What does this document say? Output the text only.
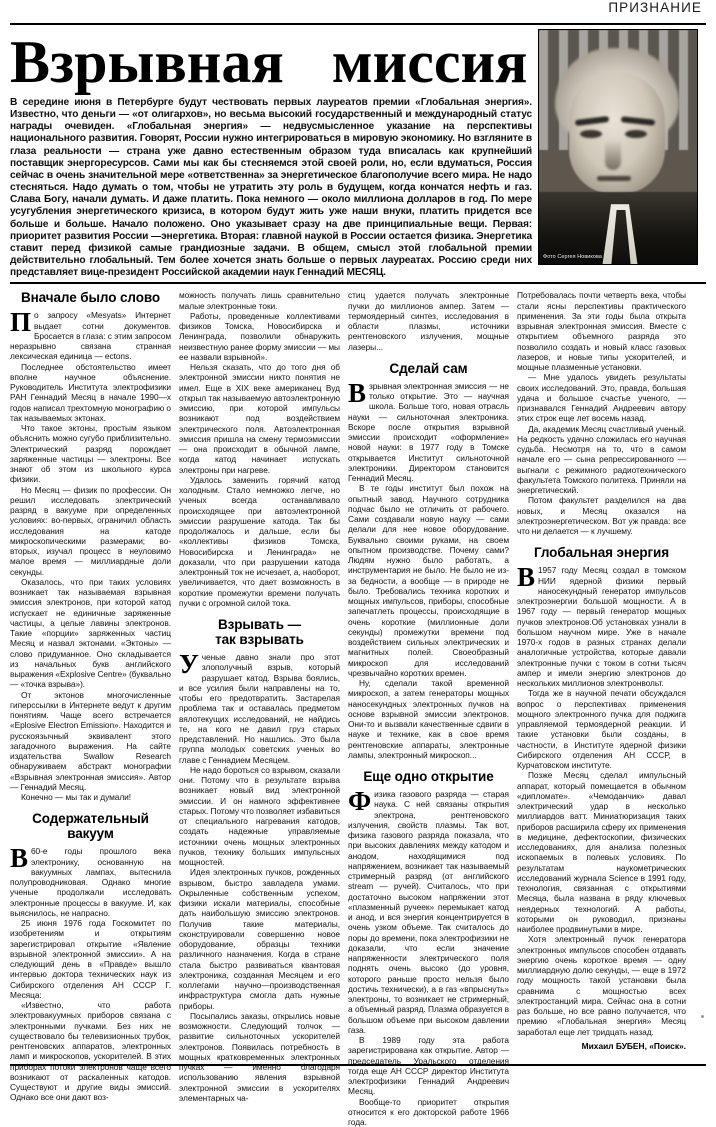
ПРИЗНАНИЕ
Взрывная миссия

В середине июня в Петербурге будут чествовать первых лауреатов премии «Глобальная энергия». Известно, что деньги — «от олигархов», но весьма высокий государственный и международный статус награды очевиден. «Глобальная энергия» — недвусмысленное указание на перспективы национального развития. Говорят, России нужно интегрироваться в мировую экономику. Но взгляните в глаза реальности — страна уже давно естественным образом туда вписалась как крупнейший поставщик энергоресурсов. Сами мы как бы стесняемся этой своей роли, но, если вдуматься, Россия сейчас в очень значительной мере «ответственна» за энергетическое благополучие всего мира. Не надо стесняться. Надо думать о том, чтобы не утратить эту роль в будущем, когда кончатся нефть и газ. Слава Богу, начали думать. И даже платить. Пока немного — около миллиона долларов в год. По мере усугубления энергетического кризиса, в котором будут жить уже наши внуки, платить придется все больше и больше. Начало положено. Оно указывает сразу на две принципиальные вещи. Первая: приоритет развития России —энергетика. Вторая: главной наукой в России остается физика. Энергетика ставит перед физикой самые грандиозные задачи. В общем, смысл этой глобальной премии действительно глобальный. Тем более хочется знать больше о первых лауреатах. Россию среди них представляет вице-президент Российской академии наук Геннадий МЕСЯЦ.

Фото Сергея Новикова
Вначале было слово

По запросу «Mesyats» Интернет выдает сотни документов. Бросается в глаза: с этим запросом неразрывно связана странная лексическая единица — ectons.

Последнее обстоятельство имеет вполне научное объяснение. Руководитель Института электрофизики РАН Геннадий Месяц в начале 1990—х годов написал трехтомную монографию о так называемых эктонах.

Что такое эктоны, простым языком объяснить можно сугубо приблизительно. Электрический разряд порождает заряженные частицы — электроны. Все знают об этом из школьного курса физики.

Но Месяц — физик по профессии. Он решил исследовать электрический разряд в вакууме при определенных условиях: во-первых, ограничил область исследования на катоде микроскопическими размерами; во-вторых, изучал процесс в неуловимо малое время — миллиардные доли секунды.

Оказалось, что при таких условиях возникает так называемая взрывная эмиссия электронов, при которой катод испускает не единичные заряженные частицы, а целые лавины электронов. Такие «порции» заряженных частиц Месяц и назвал эктонами. «Эктоны» —слово придуманное. Оно складывается из начальных букв английского выражения «Explosive Centre» (буквально — «точка взрыва»).

От эктонов многочисленные гиперссылки в Интернете ведут к другим понятиям. Чаще всего встречается «Eplosive Electron Emission». Находится и русскоязычный эквивалент этого загадочного выражения. На сайте издательства Swallow Research обнаруживаем абстракт монографии «Взрывная электронная эмиссия». Автор — Геннадий Месяц.

Конечно — мы так и думали!

Содержательный
вакуум

В 60-е годы прошлого века электронику, основанную на вакуумных лампах, вытеснила полупроводниковая. Однако многие ученые продолжали исследовать электронные процессы в вакууме. И, как выяснилось, не напрасно.

25 июня 1976 года Госкомитет по изобретениям и открытиям зарегистрировал открытие «Явление взрывной электронной эмиссии». А на следующий день в «Правде» вышло интервью доктора технических наук из Сибирского отделения АН СССР Г. Месяца:

«Известно, что работа электровакуумных приборов связана с электронными пучками. Без них не существовало бы телевизионных трубок, рентгеновских аппаратов, электронных ламп и микроскопов, ускорителей. В этих приборах потоки электронов чаще всего возникают от раскаленных катодов. Существуют и другие виды эмиссий. Однако все они дают воз-

можность получать лишь сравнительно малые электронные токи.

Работы, проведенные коллективами физиков Томска, Новосибирска и Ленинграда, позволили обнаружить неизвестную ранее форму эмиссии — мы ее назвали взрывной».

Нельзя сказать, что до того дня об электронной эмиссии никто понятия не имел. Еще в XIX веке американец Вуд открыл так называемую автоэлектронную эмиссию, при которой импульсы возникают под воздействием электрического поля. Автоэлектронная эмиссия пришла на смену термоэмиссии — она происходит в обычной лампе, когда катод начинает испускать электроны при нагреве.

Удалось заменить горячий катод холодным. Стало немножко легче, но ученых всегда останавливало происходящее при автоэлектронной эмиссии разрушение катода. Так бы продолжалось и дальше, если бы «коллективы физиков Томска, Новосибирска и Ленинграда» не доказали, что при разрушении катода электронный ток не исчезает, а, наоборот, увеличивается, что дает возможность в короткие промежутки времени получать пучки с огромной силой тока.

Взрывать —
так взрывать

Ученые давно знали про этот злополучный взрыв, который разрушает катод. Взрыва боялись, и все усилия были направлены на то, чтобы его предотвратить. Застарелая проблема так и оставалась предметом вялотекущих исследований, не найдись те, на кого не давил груз старых представлений. Но нашлись. Это была группа молодых советских ученых во главе с Геннадием Месяцем.

Не надо бороться со взрывом, сказали они. Потому что в результате взрыва возникает новый вид электронной эмиссии. И он намного эффективнее старых. Потому что позволяет избавиться от специального нагревания катодов, создать надежные управляемые источники очень мощных электронных пучков, технику больших импульсных мощностей.

Идея электронных пучков, рожденных взрывом, быстро завладела умами. Окрыленные собственным успехом, физики искали материалы, способные дать наибольшую эмиссию электронов. Получив такие материалы, сконструировали совершенно новое оборудование, образцы техники различного назначения. Когда в стране стала быстро развиваться квантовая электроника, созданная Месяцем и его коллегами научно—производственная инфраструктура смогла дать нужные приборы.

Посыпались заказы, открылись новые возможности. Следующий толчок — развитие сильноточных ускорителей электронов. Появилась потребность в мощных кратковременных электронных пучках — именно благодаря использованию явления взрывной электронной эмиссии в ускорителях элементарных ча-

стиц удается получать электронные пучки до миллионов ампер. Затем — термоядерный синтез, исследования в области плазмы, источники рентгеновского излучения, мощные лазеры...

Сделай сам

Взрывная электронная эмиссия — не только открытие. Это — научная школа. Больше того, новая отрасль науки — сильноточная электроника. Вскоре после открытия взрывной эмиссии происходит «оформление» новой науки: в 1977 году в Томске открывается Институт сильноточной электроники. Директором становится Геннадий Месяц.

В те годы институт был похож на опытный завод. Научного сотрудника подчас было не отличить от рабочего. Сами создавали новую науку — сами делали для нее новое оборудование. Буквально своими руками, на своем опытном производстве. Почему сами? Людям нужно было работать, а инструментария не было. Не было не из-за бедности, а вообще — в природе не было. Требовались техника коротких и мощных импульсов, приборы, способные запечатлеть процессы, происходящие в очень короткие (миллионные доли секунды) промежутки времени под воздействием сильных электрических и магнитных полей. Своеобразный микроскоп для исследований чрезвычайно коротких времен.

Ну, сделали такой временной микроскоп, а затем генераторы мощных наносекундных электронных пучков на основе взрывной эмиссии электронов. Они-то и вызвали качественные сдвиги в науке и технике, как в свое время рентгеновские аппараты, электронные лампы, электронный микроскоп...

Еще одно открытие

Физика газового разряда — старая наука. С ней связаны открытия электрона, рентгеновского излучения, свойств плазмы. Так вот, физика газового разряда показала, что при высоких давлениях между катодом и анодом, находящимися под напряжением, возникает так называемый стримерный разряд (от английского stream — ручей). Считалось, что при достаточно высоком напряжении этот «плазменный ручеек» перемыкает катод и анод, и вся энергия концентрируется в очень узком объеме. Так считалось до поры до времени, пока электрофизики не доказали, что если значение напряженности электрического поля поднять очень высоко (до уровня, которого раньше просто нельзя было достичь технически), а в газ «впрыснуть» электроны, то возникает не стримерный, а объемный разряд. Плазма образуется в большом объеме при высоком давлении газа.

В 1989 году эта работа зарегистрирована как открытие. Автор —председатель Уральского отделения тогда еще АН СССР директор Института электрофизики Геннадий Андреевич Месяц.

Вообще-то приоритет открытия относится к его докторской работе 1966 года.

Потребовалась почти четверть века, чтобы стали ясны перспективы практического применения. За эти годы была открыта взрывная электронная эмиссия. Вместе с открытием объемного разряда это позволило создать и новый класс газовых лазеров, и новые типы ускорителей, и мощные плазменные установки.

— Мне удалось увидеть результаты своих исследований. Это, правда, большая удача и большое счастье ученого, — признавался Геннадий Андреевич автору этих строк еще лет восемь назад.

Да, академик Месяц счастливый ученый. На редкость удачно сложилась его научная судьба. Несмотря на то, что в самом начале его — сына репрессированного — выгнали с режимного радиотехнического факультета Томского политеха. Приняли на энергетический.

Потом факультет разделился на два новых, и Месяц оказался на электроэнергетическом. Вот уж правда: все что ни делается — к лучшему.

Глобальная энергия

В 1957 году Месяц создал в томском НИИ ядерной физики первый наносекундный генератор импульсов электроэнергии большой мощности. А в 1967 году — первый генератор мощных пучков электронов.Об установках узнали в большом научном мире. Уже в начале 1970-х годов в разных странах делали аналогичные устройства, которые давали электронные пучки с током в сотни тысяч ампер и имели энергию электронов до нескольких миллионов электронвольт.

Тогда же в научной печати обсуждался вопрос о перспективах применения мощного электронного пучка для поджига управляемой термоядерной реакции. И такие установки были созданы, в частности, в Институте ядерной физики Сибирского отделения АН СССР, в Курчатовском институте.

Позже Месяц сделал импульсный аппарат, который помещается в обычном «дипломате». «Чемоданчик» давал электрический удар в несколько миллиардов ватт. Миниатюризация таких приборов расширила сферу их применения в медицине, дефектоскопии, физических исследованиях, для анализа полезных ископаемых в полевых условиях. По результатам наукометрических исследований журнала Science в 1991 году, технология, связанная с открытиями Месяца, была названа в ряду ключевых неядерных технологий. А работы, которыми он руководил, признаны наиболее продвинутыми в мире.

Хотя электронный пучок генератора электронных импульсов способен отдавать энергию очень короткое время — одну миллиардную долю секунды, — еще в 1972 году мощность такой установки была сравнима с мощностью всех электростанций мира. Сейчас она в сотни раз больше, но все равно получается, что премию «Глобальная энергия» Месяц заработал еще лет тридцать назад.

Михаил БУБЕН, «Поиск».
